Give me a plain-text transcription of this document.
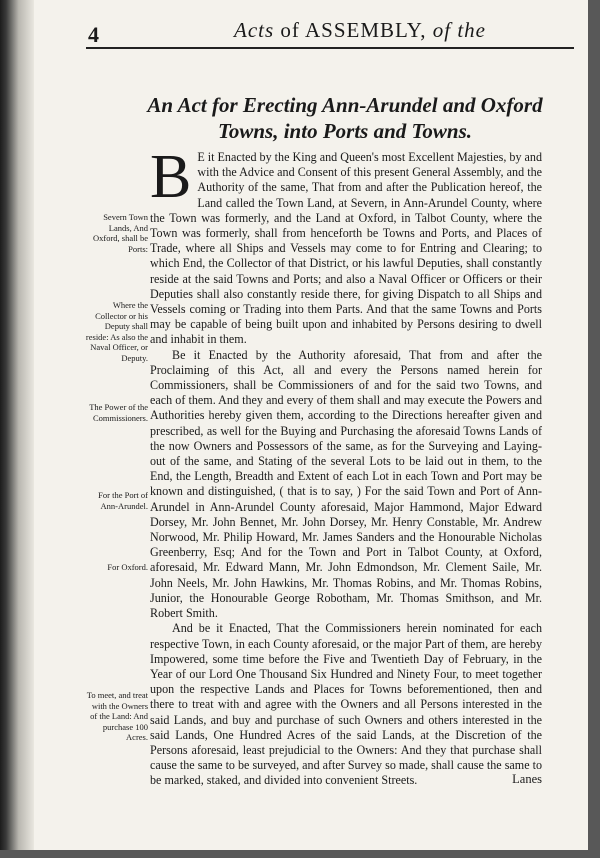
4	Acts of ASSEMBLY, of the
An Act for Erecting Ann-Arundel and Oxford
Towns, into Ports and Towns.
Severn Town Lands, And Oxford, shall be Ports:
Where the Collector or his Deputy shall reside: As also the Naval Officer, or Deputy.
The Power of the Commissioners.
For the Port of Ann-Arundel.
For Oxford.
To meet, and treat with the Owners of the Land: And purchase 100 Acres.

B E it Enacted by the King and Queen's most Excellent Majesties, by and with the Advice and Consent of this present General Assembly, and the Authority of the same, That from and after the Publication hereof, the Land called the Town Land, at Severn, in Ann-Arundel County, where the Town was formerly, and the Land at Oxford, in Talbot County, where the Town was formerly, shall from henceforth be Towns and Ports, and Places of Trade, where all Ships and Vessels may come to for Entring and Clearing; to which End, the Collector of that District, or his lawful Deputies, shall constantly reside at the said Towns and Ports; and also a Naval Officer or Officers or their Deputies shall also constantly reside there, for giving Dispatch to all Ships and Vessels coming or Trading into them Parts. And that the same Towns and Ports may be capable of being built upon and inhabited by Persons desiring to dwell and inhabit in them.

Be it Enacted by the Authority aforesaid, That from and after the Proclaiming of this Act, all and every the Persons named herein for Commissioners, shall be Commissioners of and for the said two Towns, and each of them. And they and every of them shall and may execute the Powers and Authorities hereby given them, according to the Directions hereafter given and prescribed, as well for the Buying and Purchasing the aforesaid Towns Lands of the now Owners and Possessors of the same, as for the Surveying and Laying-out of the same, and Stating of the several Lots to be laid out in them, to the End, the Length, Breadth and Extent of each Lot in each Town and Port may be known and distinguished, ( that is to say, ) For the said Town and Port of Ann-Arundel in Ann-Arundel County aforesaid, Major Hammond, Major Edward Dorsey, Mr. John Bennet, Mr. John Dorsey, Mr. Henry Constable, Mr. Andrew Norwood, Mr. Philip Howard, Mr. James Sanders and the Honourable Nicholas Greenberry, Esq; And for the Town and Port in Talbot County, at Oxford, aforesaid, Mr. Edward Mann, Mr. John Edmondson, Mr. Clement Saile, Mr. John Neels, Mr. John Hawkins, Mr. Thomas Robins, and Mr. Thomas Robins, Junior, the Honourable George Robotham, Mr. Thomas Smithson, and Mr. Robert Smith.

And be it Enacted, That the Commissioners herein nominated for each respective Town, in each County aforesaid, or the major Part of them, are hereby Impowered, some time before the Five and Twentieth Day of February, in the Year of our Lord One Thousand Six Hundred and Ninety Four, to meet together upon the respective Lands and Places for Towns beforementioned, then and there to treat with and agree with the Owners and all Persons interested in the said Lands, and buy and purchase of such Owners and others interested in the said Lands, One Hundred Acres of the said Lands, at the Discretion of the Persons aforesaid, least prejudicial to the Owners: And they that purchase shall cause the same to be surveyed, and after Survey so made, shall cause the same to be marked, staked, and divided into convenient Streets.	Lanes
